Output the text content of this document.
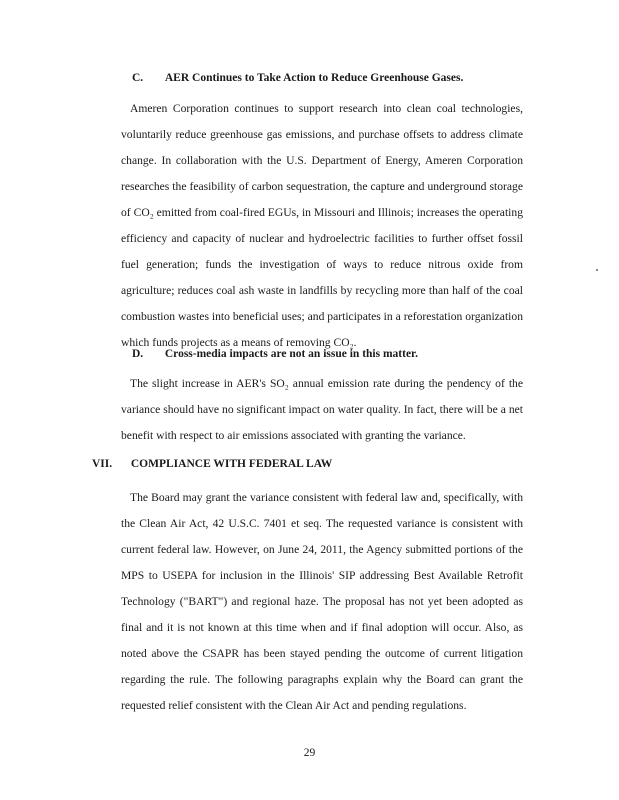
C. AER Continues to Take Action to Reduce Greenhouse Gases.

Ameren Corporation continues to support research into clean coal technologies, voluntarily reduce greenhouse gas emissions, and purchase offsets to address climate change. In collaboration with the U.S. Department of Energy, Ameren Corporation researches the feasibility of carbon sequestration, the capture and underground storage of CO₂ emitted from coal-fired EGUs, in Missouri and Illinois; increases the operating efficiency and capacity of nuclear and hydroelectric facilities to further offset fossil fuel generation; funds the investigation of ways to reduce nitrous oxide from agriculture; reduces coal ash waste in landfills by recycling more than half of the coal combustion wastes into beneficial uses; and participates in a reforestation organization which funds projects as a means of removing CO₂.

D. Cross-media impacts are not an issue in this matter.

The slight increase in AER's SO₂ annual emission rate during the pendency of the variance should have no significant impact on water quality. In fact, there will be a net benefit with respect to air emissions associated with granting the variance.

VII. COMPLIANCE WITH FEDERAL LAW

The Board may grant the variance consistent with federal law and, specifically, with the Clean Air Act, 42 U.S.C. 7401 et seq. The requested variance is consistent with current federal law. However, on June 24, 2011, the Agency submitted portions of the MPS to USEPA for inclusion in the Illinois' SIP addressing Best Available Retrofit Technology ("BART") and regional haze. The proposal has not yet been adopted as final and it is not known at this time when and if final adoption will occur. Also, as noted above the CSAPR has been stayed pending the outcome of current litigation regarding the rule. The following paragraphs explain why the Board can grant the requested relief consistent with the Clean Air Act and pending regulations.

29
